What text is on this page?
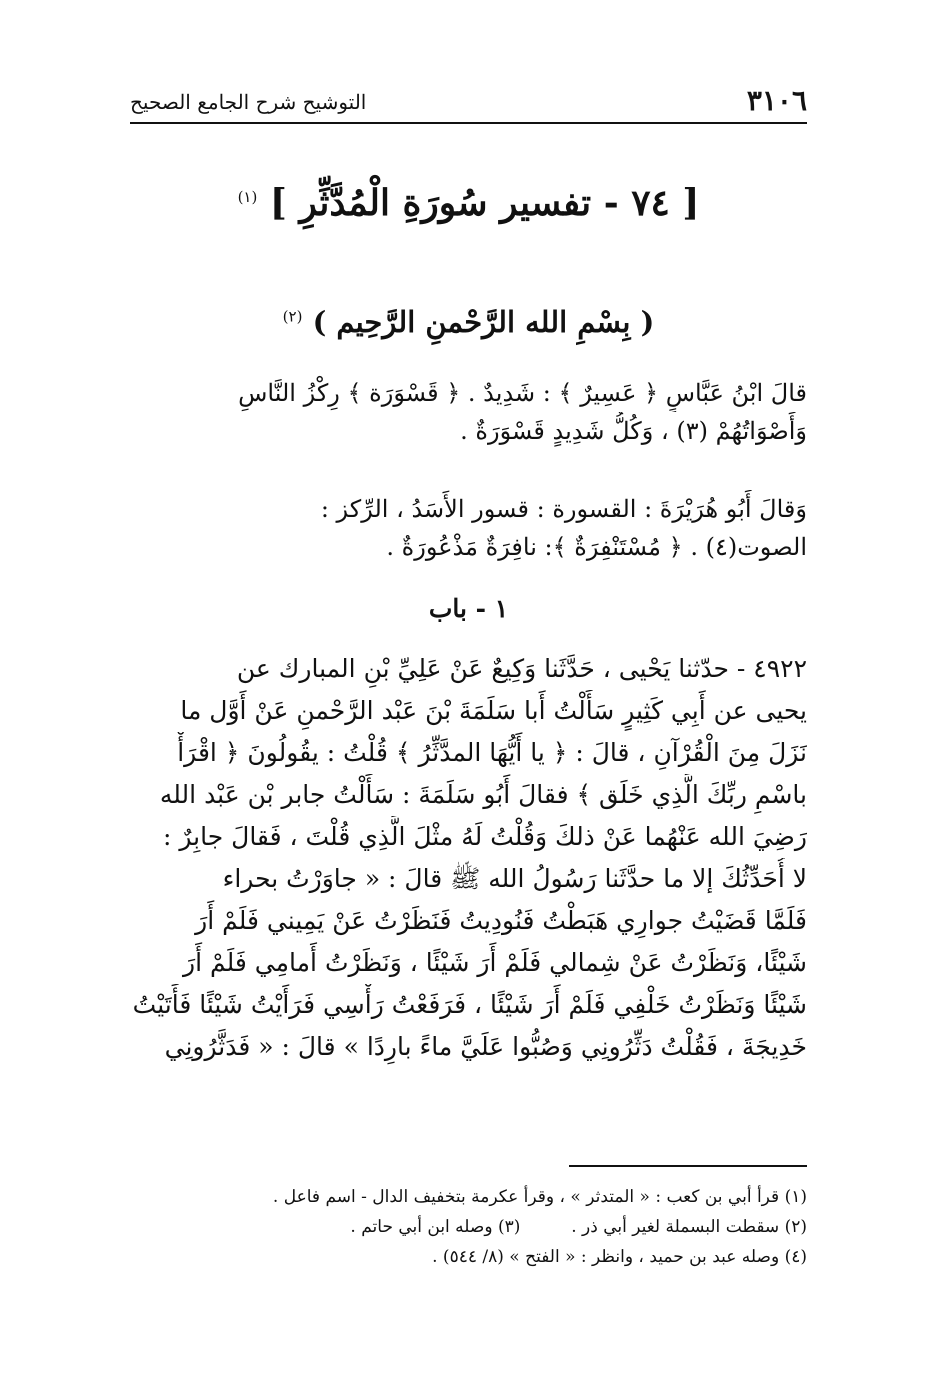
٣١٠٦
التوشيح شرح الجامع الصحيح
[ ٧٤ - تفسير سُورَةِ الْمُدَّثِّرِ ] $^{(١)}$
( بِسْمِ الله الرَّحْمنِ الرَّحِيم ) $^{(٢)}$
قالَ ابْنُ عَبَّاسٍ ﴿ عَسِيرٌ ﴾ : شَدِيدٌ . ﴿ قَسْوَرَة ﴾ رِكْزُ النَّاسِ
وَأَصْوَاتُهُمْ (٣) ، وَكُلُّ شَدِيدٍ قَسْوَرَةٌ .
وَقالَ أَبُو هُرَيْرَةَ : القسورة : قسور الأَسَدُ ، الرِّكز :
الصوت(٤) . ﴿ مُسْتَنْفِرَةٌ ﴾: نافِرَةٌ مَذْعُورَةٌ .
١ - باب
٤٩٢٢ - حدّثنا يَحْيى ، حَدَّثَنا وَكِيعٌ عَنْ عَلِيِّ بْنِ المبارك عن
يحيى عن أَبِي كَثِيرٍ سَأَلْتُ أَبا سَلَمَةَ بْنَ عَبْد الرَّحْمنِ عَنْ أَوَّل ما
نَزَلَ مِنَ الْقُرْآنِ ، قالَ : ﴿ يا أَيُّهَا المدَّثِّرُ ﴾ قُلْتُ : يقُولُونَ ﴿ اقْرَأْ
باسْمِ ربِّكَ الَّذِي خَلَق ﴾ فقالَ أَبُو سَلَمَةَ : سَأَلْتُ جابر بْن عَبْد الله
رَضِيَ الله عَنْهُما عَنْ ذلكَ وَقُلْتُ لَهُ مثْلَ الَّذِي قُلْتَ ، فَقالَ جابِرٌ :
لا أُحَدِّثُكَ إلا ما حدَّثَنا رَسُولُ الله ﷺ قالَ : « جاوَرْتُ بحراء
فَلَمَّا قَضَيْتُ جوارِي هَبَطْتُ فَنُودِيتُ فَنَظَرْتُ عَنْ يَمِيني فَلَمْ أَرَ
شَيْئًا، وَنَظَرْتُ عَنْ شِمالي فَلَمْ أَرَ شَيْئًا ، وَنَظَرْتُ أَمامِي فَلَمْ أَرَ
شَيْئًا وَنَظَرْتُ خَلْفِي فَلَمْ أَرَ شَيْئًا ، فَرَفَعْتُ رَأْسِي فَرَأَيْتُ شَيْئًا فَأَتَيْتُ
خَدِيجَةَ ، فَقُلْتُ دَثِّرُونِي وَصُبُّوا عَلَيَّ ماءً بارِدًا » قالَ : « فَدَثَّرُونِي
(١) قرأ أبي بن كعب : « المتدثر » ، وقرأ عكرمة بتخفيف الدال - اسم فاعل .
(٢) سقطت البسملة لغير أبي ذر .  (٣) وصله ابن أبي حاتم .
(٤) وصله عبد بن حميد ، وانظر : « الفتح » (٨/ ٥٤٤) .
